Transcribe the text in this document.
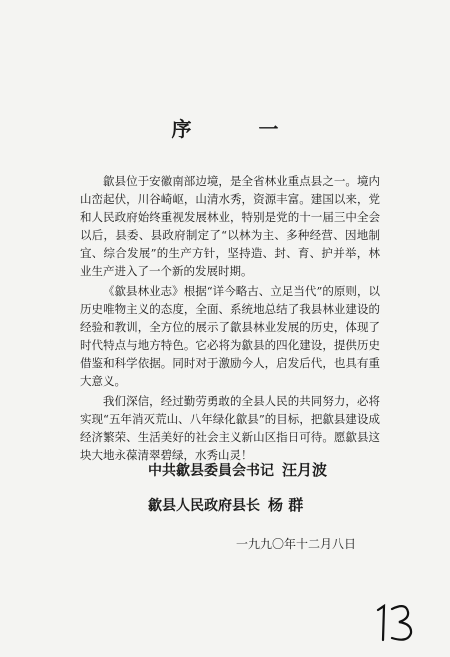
序 一

歙县位于安徽南部边境，是全省林业重点县之一。境内山峦起伏，川谷崎岖，山清水秀，资源丰富。建国以来，党和人民政府始终重视发展林业，特别是党的十一届三中全会以后，县委、县政府制定了“以林为主、多种经营、因地制宜、综合发展”的生产方针，坚持造、封、育、护并举，林业生产进入了一个新的发展时期。

《歙县林业志》根据“详今略古、立足当代”的原则，以历史唯物主义的态度，全面、系统地总结了我县林业建设的经验和教训，全方位的展示了歙县林业发展的历史，体现了时代特点与地方特色。它必将为歙县的四化建设，提供历史借鉴和科学依据。同时对于激励今人，启发后代，也具有重大意义。

我们深信，经过勤劳勇敢的全县人民的共同努力，必将实现“五年消灭荒山、八年绿化歙县”的目标，把歙县建设成经济繁荣、生活美好的社会主义新山区指日可待。愿歙县这块大地永葆清翠碧绿，水秀山灵！

中共歙县委員会书记 汪月波
歙县人民政府县长 杨 群
一九九〇年十二月八日
